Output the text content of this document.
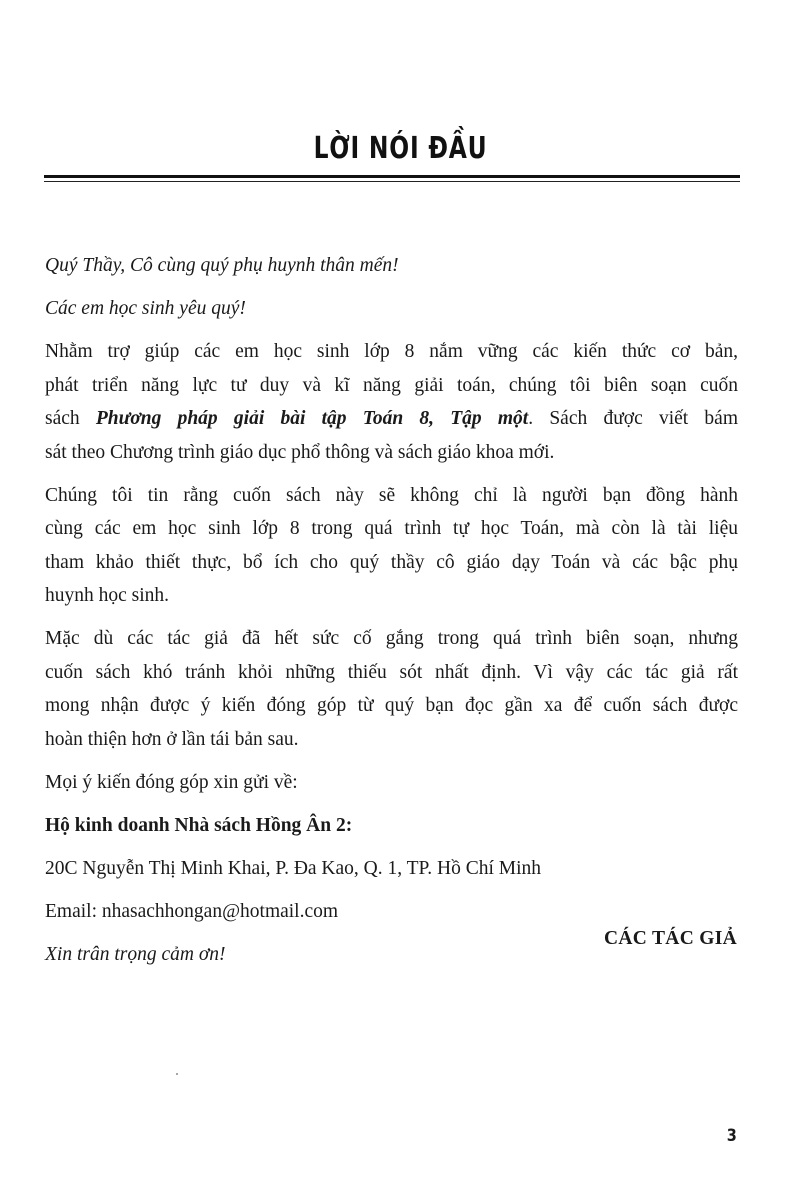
LỜI NÓI ĐẦU

Quý Thầy, Cô cùng quý phụ huynh thân mến!

Các em học sinh yêu quý!

Nhằm trợ giúp các em học sinh lớp 8 nắm vững các kiến thức cơ bản,
phát triển năng lực tư duy và kĩ năng giải toán, chúng tôi biên soạn cuốn
sách Phương pháp giải bài tập Toán 8, Tập một. Sách được viết bám
sát theo Chương trình giáo dục phổ thông và sách giáo khoa mới.

Chúng tôi tin rằng cuốn sách này sẽ không chỉ là người bạn đồng hành
cùng các em học sinh lớp 8 trong quá trình tự học Toán, mà còn là tài liệu
tham khảo thiết thực, bổ ích cho quý thầy cô giáo dạy Toán và các bậc phụ
huynh học sinh.

Mặc dù các tác giả đã hết sức cố gắng trong quá trình biên soạn, nhưng
cuốn sách khó tránh khỏi những thiếu sót nhất định. Vì vậy các tác giả rất
mong nhận được ý kiến đóng góp từ quý bạn đọc gần xa để cuốn sách được
hoàn thiện hơn ở lần tái bản sau.

Mọi ý kiến đóng góp xin gửi về:

Hộ kinh doanh Nhà sách Hồng Ân 2:

20C Nguyễn Thị Minh Khai, P. Đa Kao, Q. 1, TP. Hồ Chí Minh

Email: nhasachhongan@hotmail.com

Xin trân trọng cảm ơn!

CÁC TÁC GIẢ
3
